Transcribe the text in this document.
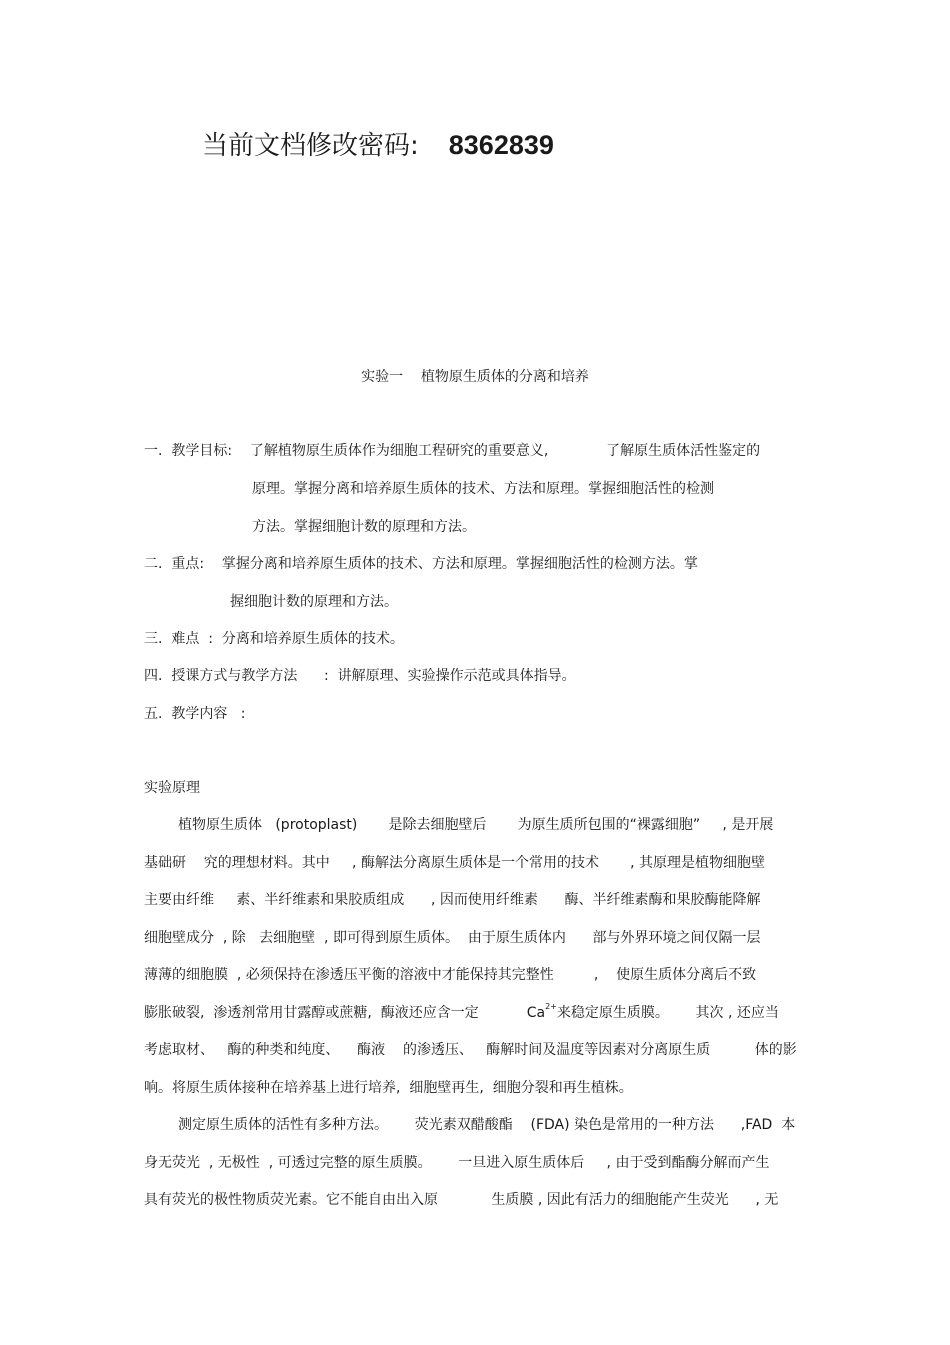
当前文档修改密码: 8362839
实验一    植物原生质体的分离和培养
一.  教学目标:    了解植物原生质体作为细胞工程研究的重要意义,             了解原生质体活性鉴定的
原理。掌握分离和培养原生质体的技术、方法和原理。掌握细胞活性的检测
方法。掌握细胞计数的原理和方法。
二.  重点:    掌握分离和培养原生质体的技术、方法和原理。掌握细胞活性的检测方法。掌
握细胞计数的原理和方法。
三.  难点  :  分离和培养原生质体的技术。
四.  授课方式与教学方法      :  讲解原理、实验操作示范或具体指导。
五.  教学内容   :
实验原理
植物原生质体   (protoplast)       是除去细胞壁后       为原生质所包围的“裸露细胞”     , 是开展
基础研    究的理想材料。其中     , 酶解法分离原生质体是一个常用的技术       , 其原理是植物细胞壁
主要由纤维     素、半纤维素和果胶质组成      , 因而使用纤维素      酶、半纤维素酶和果胶酶能降解
细胞壁成分  , 除   去细胞壁  , 即可得到原生质体。  由于原生质体内      部与外界环境之间仅隔一层
薄薄的细胞膜  , 必须保持在渗透压平衡的溶液中才能保持其完整性         ,    使原生质体分离后不致
膨胀破裂,  渗透剂常用甘露醇或蔗糖,  酶液还应含一定	$Ca^{2+}$来稳定原生质膜。      其次 , 还应当
考虑取材、   酶的种类和纯度、    酶液    的渗透压、   酶解时间及温度等因素对分离原生质          体的影
响。将原生质体接种在培养基上进行培养,  细胞壁再生,  细胞分裂和再生植株。
测定原生质体的活性有多种方法。      荧光素双醋酸酯    (FDA) 染色是常用的一种方法      ,FAD  本
身无荧光  , 无极性  , 可透过完整的原生质膜。      一旦进入原生质体后     , 由于受到酯酶分解而产生
具有荧光的极性物质荧光素。它不能自由出入原            生质膜 , 因此有活力的细胞能产生荧光      , 无
